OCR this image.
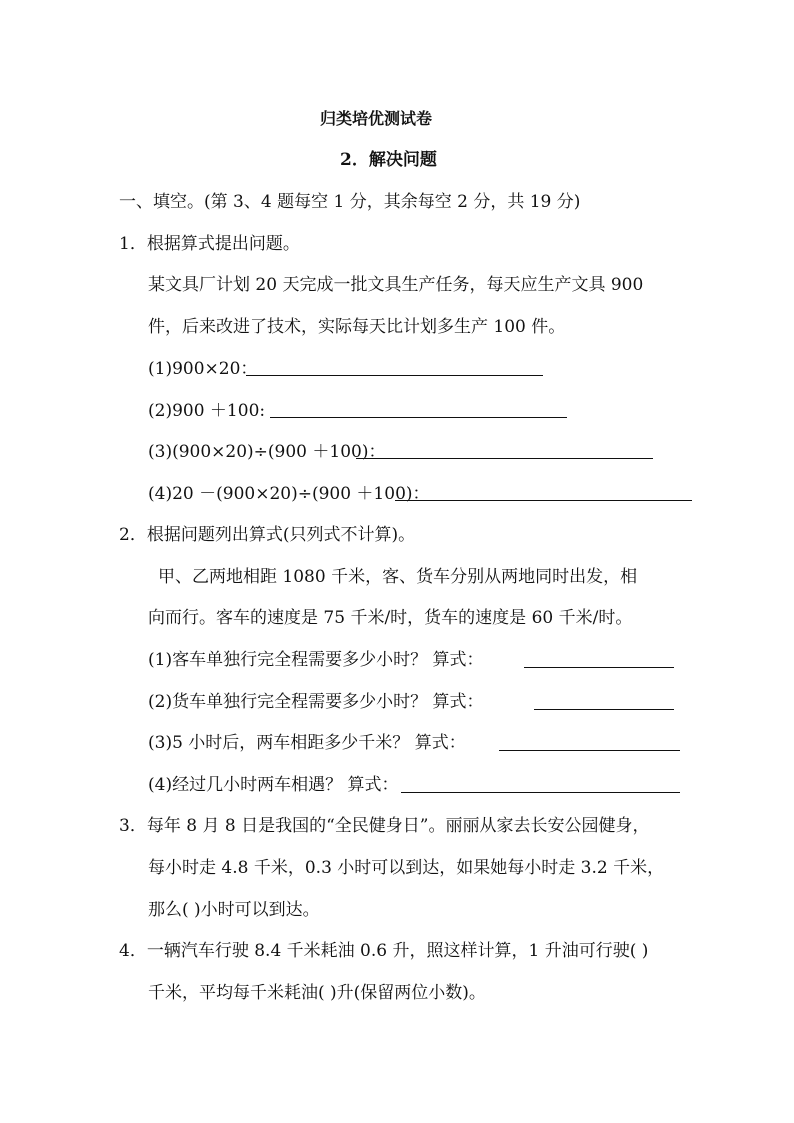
归类培优测试卷
2．解决问题
一、填空。(第 3、4 题每空 1 分，其余每空 2 分，共 19 分)
1．根据算式提出问题。
某文具厂计划 20 天完成一批文具生产任务，每天应生产文具 900
件，后来改进了技术，实际每天比计划多生产 100 件。
(1)900×20：
(2)900 ＋100:
(3)(900×20)÷(900 ＋100)：
(4)20 －(900×20)÷(900 ＋100)：
2．根据问题列出算式(只列式不计算)。
甲、乙两地相距 1080 千米，客、货车分别从两地同时出发，相
向而行。客车的速度是 75 千米/时，货车的速度是 60 千米/时。
(1)客车单独行完全程需要多少小时？ 算式：
(2)货车单独行完全程需要多少小时？ 算式：
(3)5 小时后，两车相距多少千米？ 算式：
(4)经过几小时两车相遇？ 算式：
3．每年 8 月 8 日是我国的“全民健身日”。丽丽从家去长安公园健身，
每小时走 4.8 千米，0.3 小时可以到达，如果她每小时走 3.2 千米，
那么( )小时可以到达。
4．一辆汽车行驶 8.4 千米耗油 0.6 升，照这样计算，1 升油可行驶( )
千米，平均每千米耗油( )升(保留两位小数)。
